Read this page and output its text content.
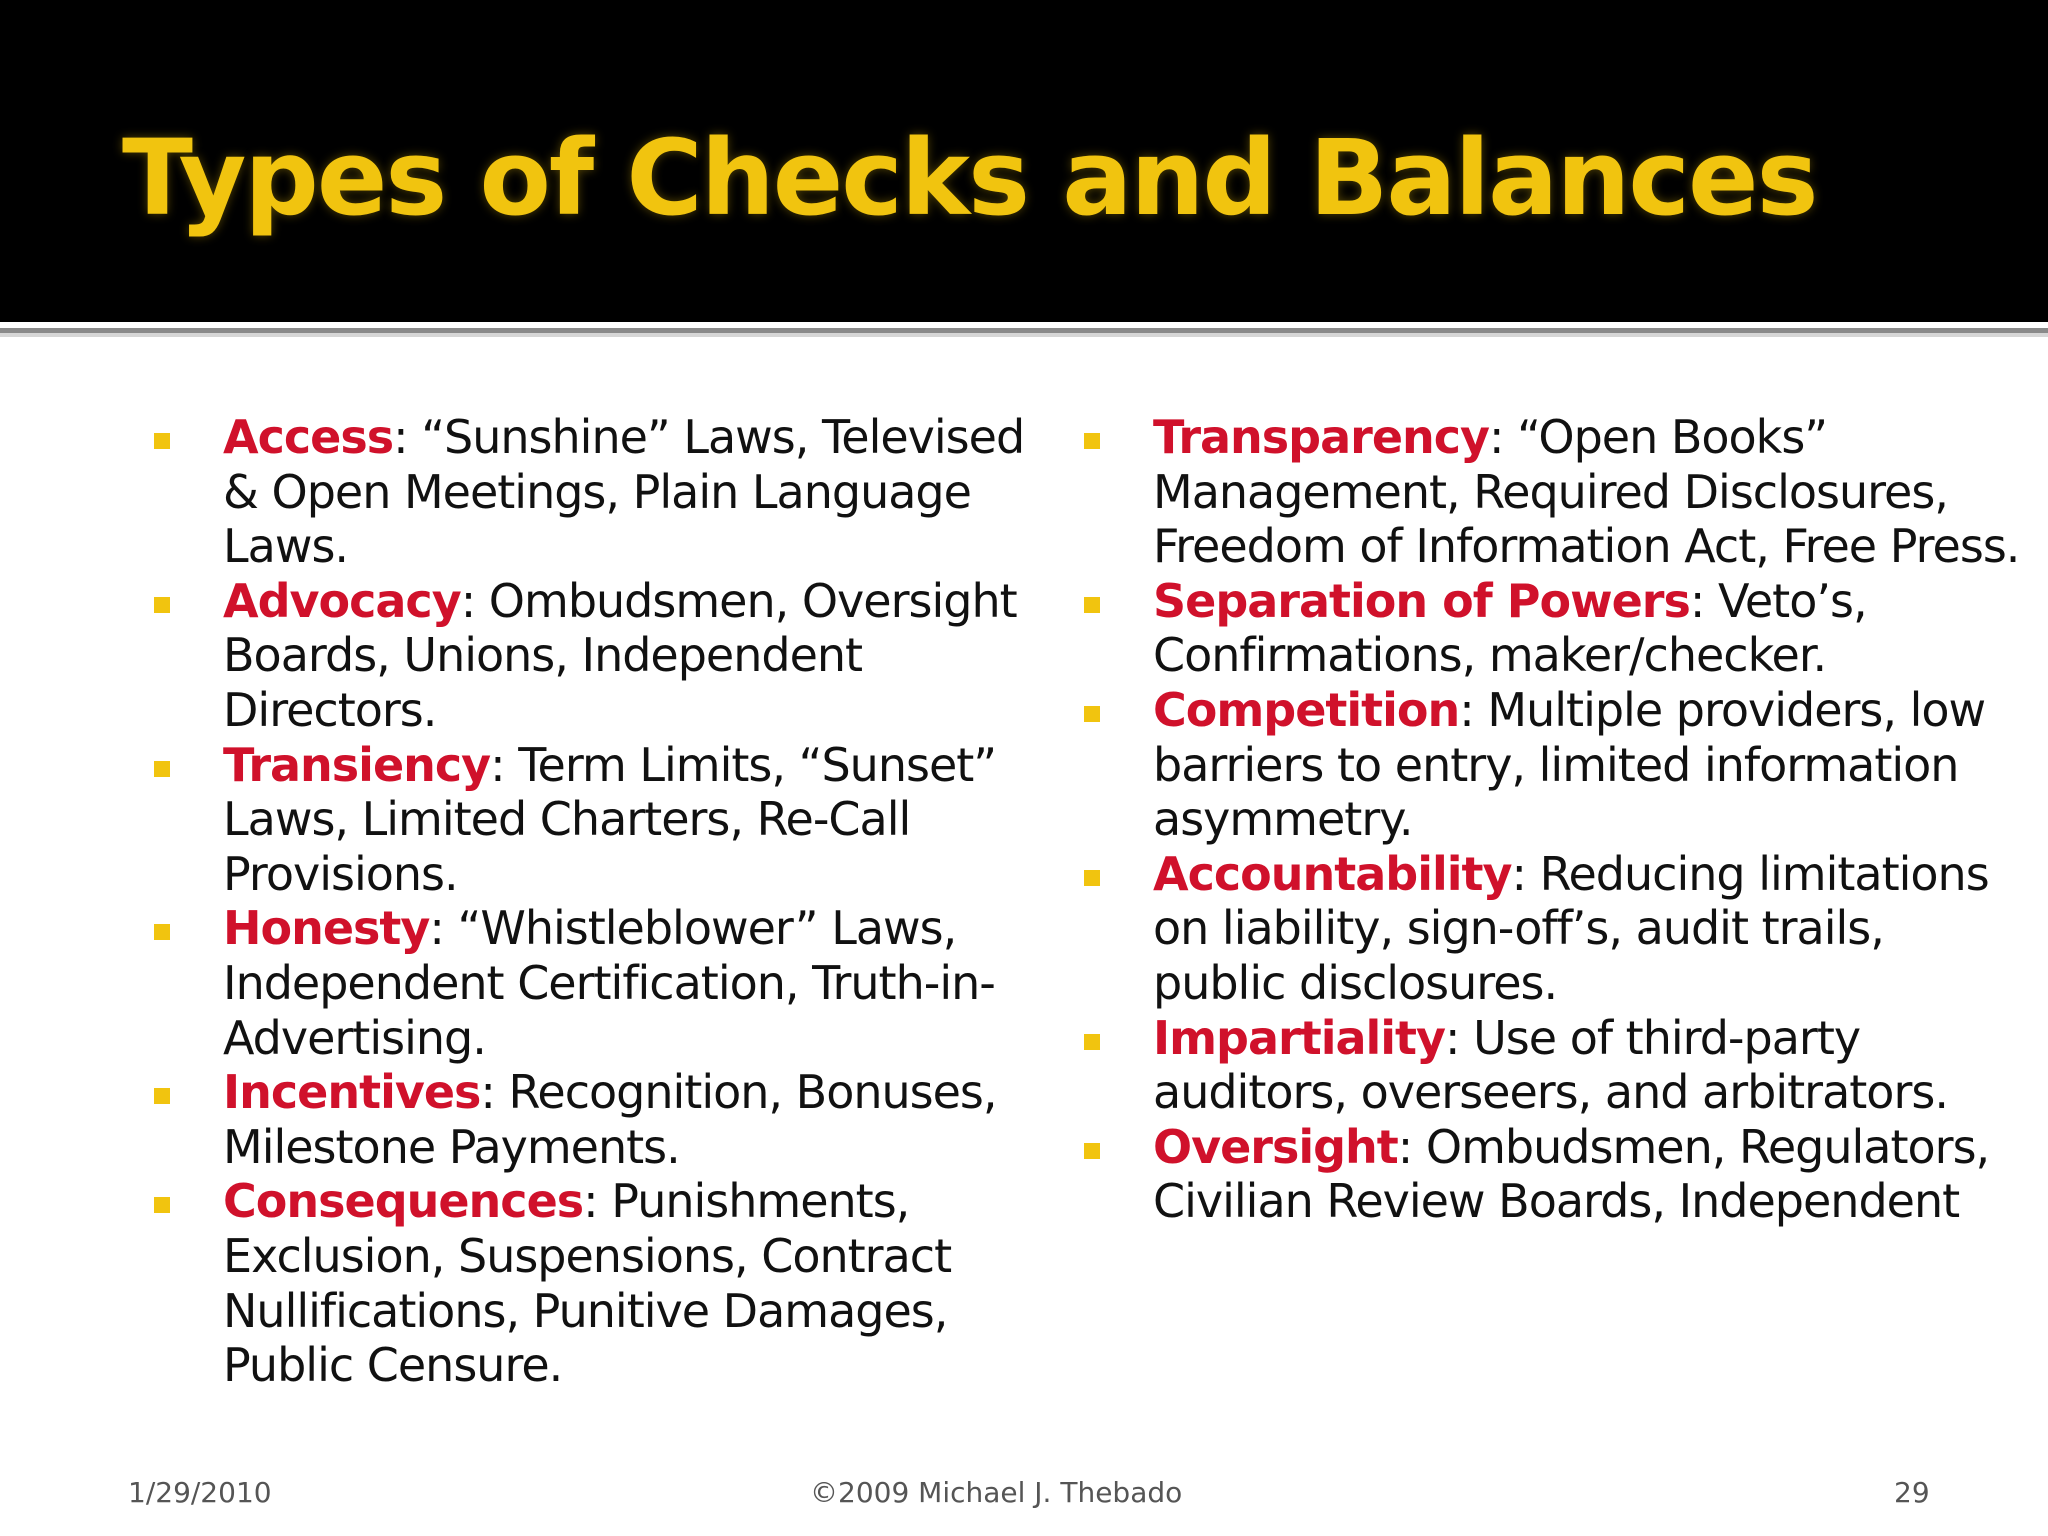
Types of Checks and Balances
Access: “Sunshine” Laws, Televised & Open Meetings, Plain Language Laws.
Advocacy: Ombudsmen, Oversight Boards, Unions, Independent Directors.
Transiency: Term Limits, “Sunset” Laws, Limited Charters, Re-Call Provisions.
Honesty: “Whistleblower” Laws, Independent Certification, Truth-in-Advertising.
Incentives: Recognition, Bonuses, Milestone Payments.
Consequences: Punishments, Exclusion, Suspensions, Contract Nullifications, Punitive Damages, Public Censure.
Transparency: “Open Books” Management, Required Disclosures, Freedom of Information Act, Free Press.
Separation of Powers: Veto’s, Confirmations, maker/checker.
Competition: Multiple providers, low barriers to entry, limited information asymmetry.
Accountability: Reducing limitations on liability, sign-off’s, audit trails, public disclosures.
Impartiality: Use of third-party auditors, overseers, and arbitrators.
Oversight: Ombudsmen, Regulators, Civilian Review Boards, Independent
1/29/2010	©2009 Michael J. Thebado	29
